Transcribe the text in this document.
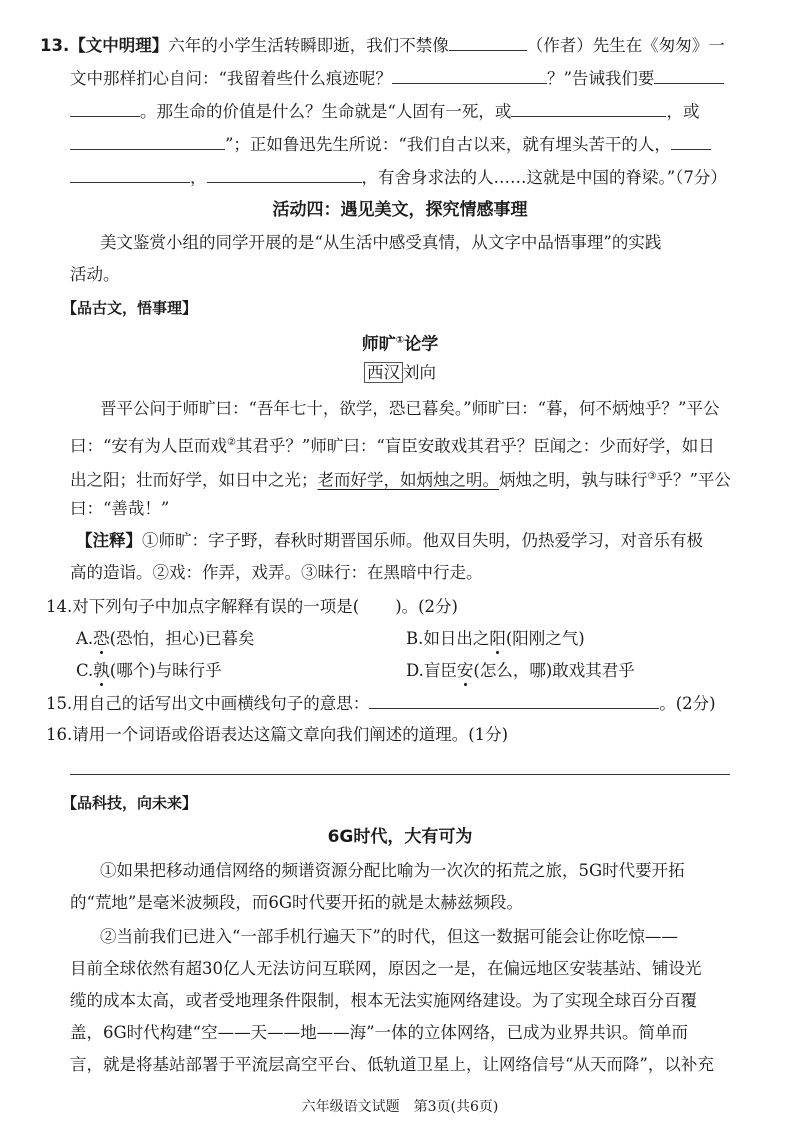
13.【文中明理】六年的小学生活转瞬即逝，我们不禁像	（作者）先生在《匆匆》一
文中那样扪心自问：“我留着些什么痕迹呢？	？”告诫我们要
。那生命的价值是什么？生命就是“人固有一死，或	，或
”；正如鲁迅先生所说：“我们自古以来，就有埋头苦干的人，
，	，有舍身求法的人……这就是中国的脊梁。”（7分）
活动四：遇见美文，探究情感事理
美文鉴赏小组的同学开展的是“从生活中感受真情，从文字中品悟事理”的实践
活动。
【品古文，悟事理】
师旷①论学
西汉 刘向
晋平公问于师旷曰：“吾年七十，欲学，恐已暮矣。”师旷曰：“暮，何不炳烛乎？”平公
曰：“安有为人臣而戏②其君乎？”师旷曰：“盲臣安敢戏其君乎？臣闻之：少而好学，如日
出之阳；壮而好学，如日中之光；老而好学，如炳烛之明。炳烛之明，孰与昧行③乎？”平公
曰：“善哉！”
【注释】①师旷：字子野，春秋时期晋国乐师。他双目失明，仍热爱学习，对音乐有极
高的造诣。②戏：作弄，戏弄。③昧行：在黑暗中行走。
14.对下列句子中加点字解释有误的一项是( )。(2分)
A.恐(恐怕，担心)已暮矣	B.如日出之阳(阳刚之气)
C.孰(哪个)与昧行乎	D.盲臣安(怎么，哪)敢戏其君乎
15.用自己的话写出文中画横线句子的意思：	。(2分)
16.请用一个词语或俗语表达这篇文章向我们阐述的道理。(1分)
【品科技，向未来】
6G时代，大有可为
①如果把移动通信网络的频谱资源分配比喻为一次次的拓荒之旅，5G时代要开拓
的“荒地”是毫米波频段，而6G时代要开拓的就是太赫兹频段。
②当前我们已进入“一部手机行遍天下”的时代，但这一数据可能会让你吃惊——
目前全球依然有超30亿人无法访问互联网，原因之一是，在偏远地区安装基站、铺设光
缆的成本太高，或者受地理条件限制，根本无法实施网络建设。为了实现全球百分百覆
盖，6G时代构建“空——天——地——海”一体的立体网络，已成为业界共识。简单而
言，就是将基站部署于平流层高空平台、低轨道卫星上，让网络信号“从天而降”，以补充
六年级语文试题　第3页(共6页)
